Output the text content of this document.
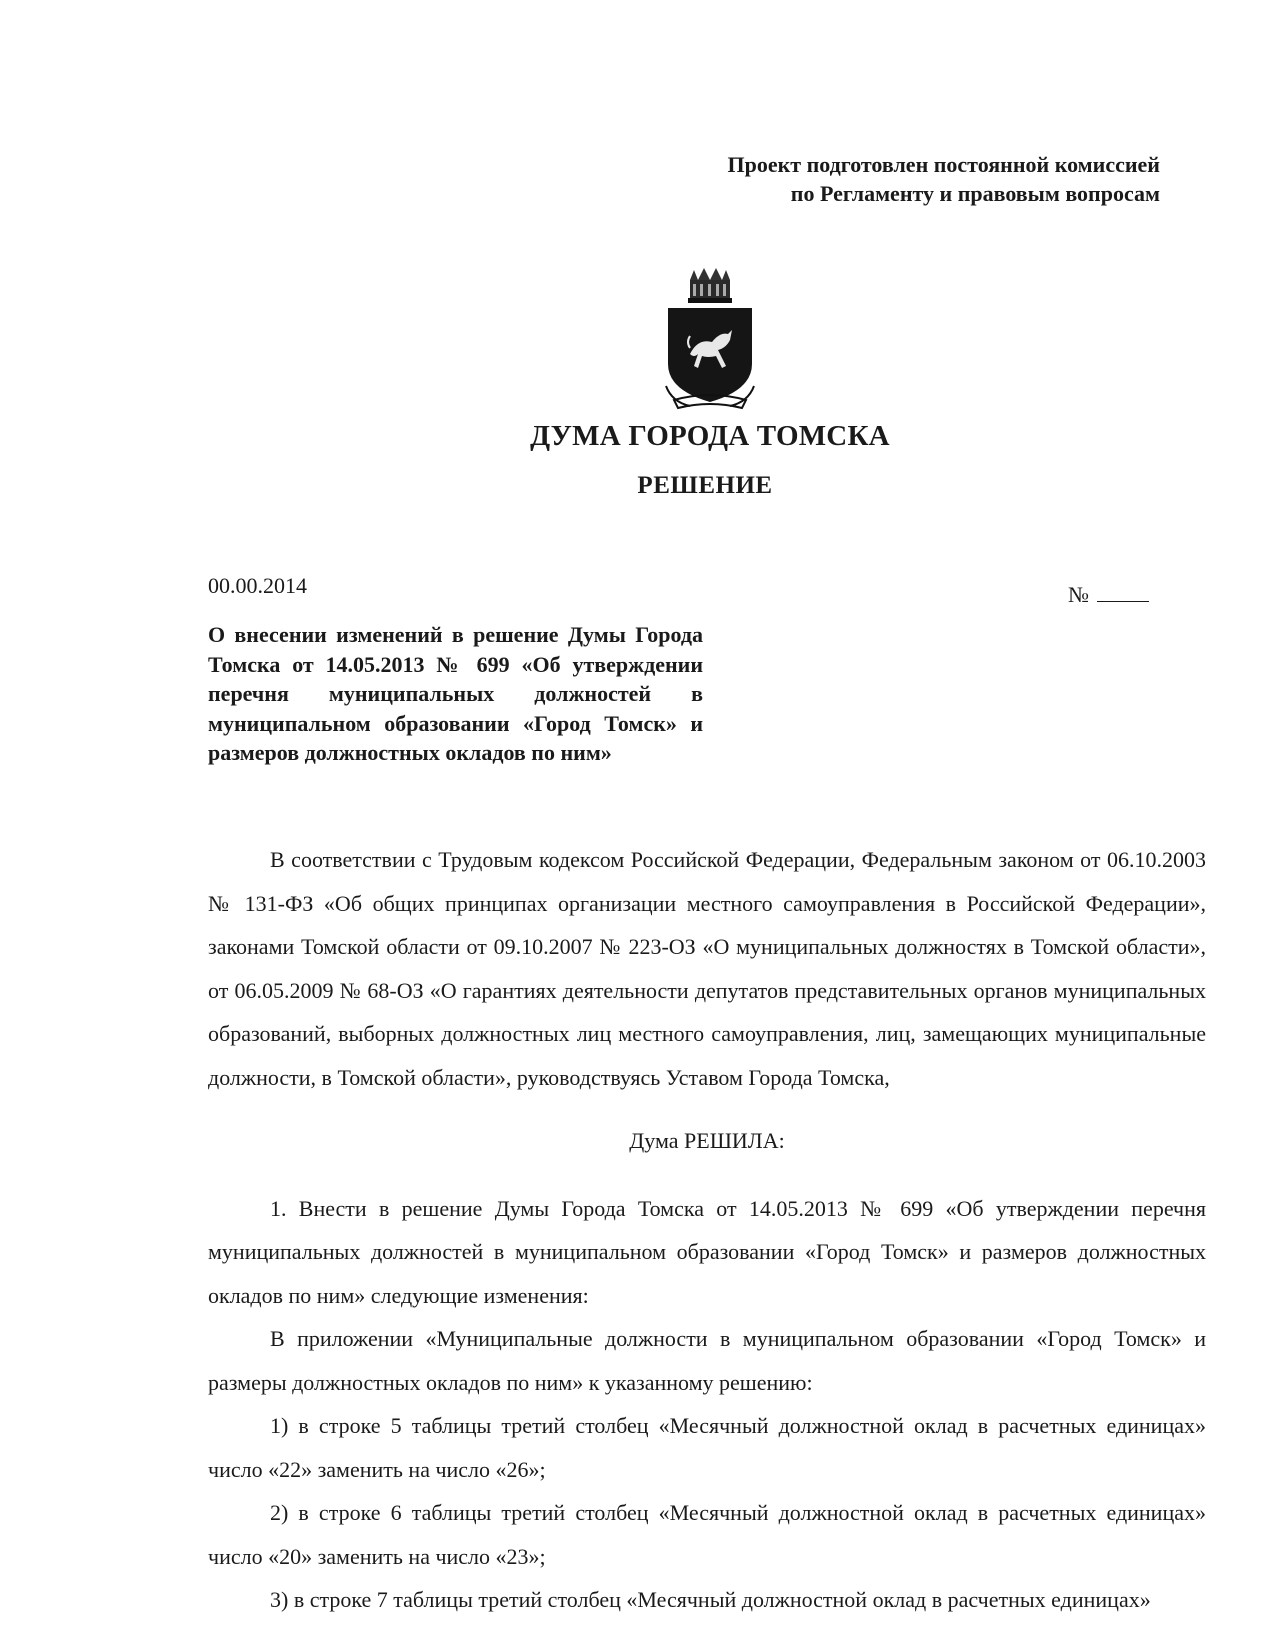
Проект подготовлен постоянной комиссией
по Регламенту и правовым вопросам
ДУМА ГОРОДА ТОМСКА
РЕШЕНИЕ
00.00.2014	№
О внесении изменений в решение Думы Города Томска от 14.05.2013 № 699 «Об утверждении перечня муниципальных должностей в муниципальном образовании «Город Томск» и размеров должностных окладов по ним»

В соответствии с Трудовым кодексом Российской Федерации, Федеральным законом от 06.10.2003 № 131-ФЗ «Об общих принципах организации местного самоуправления в Российской Федерации», законами Томской области от 09.10.2007 № 223-ОЗ «О муниципальных должностях в Томской области», от 06.05.2009 № 68-ОЗ «О гарантиях деятельности депутатов представительных органов муниципальных образований, выборных должностных лиц местного самоуправления, лиц, замещающих муниципальные должности, в Томской области», руководствуясь Уставом Города Томска,

Дума РЕШИЛА:

1. Внести в решение Думы Города Томска от 14.05.2013 № 699 «Об утверждении перечня муниципальных должностей в муниципальном образовании «Город Томск» и размеров должностных окладов по ним» следующие изменения:

В приложении «Муниципальные должности в муниципальном образовании «Город Томск» и размеры должностных окладов по ним» к указанному решению:

1) в строке 5 таблицы третий столбец «Месячный должностной оклад в расчетных единицах» число «22» заменить на число «26»;

2) в строке 6 таблицы третий столбец «Месячный должностной оклад в расчетных единицах» число «20» заменить на число «23»;

3) в строке 7 таблицы третий столбец «Месячный должностной оклад в расчетных единицах»
